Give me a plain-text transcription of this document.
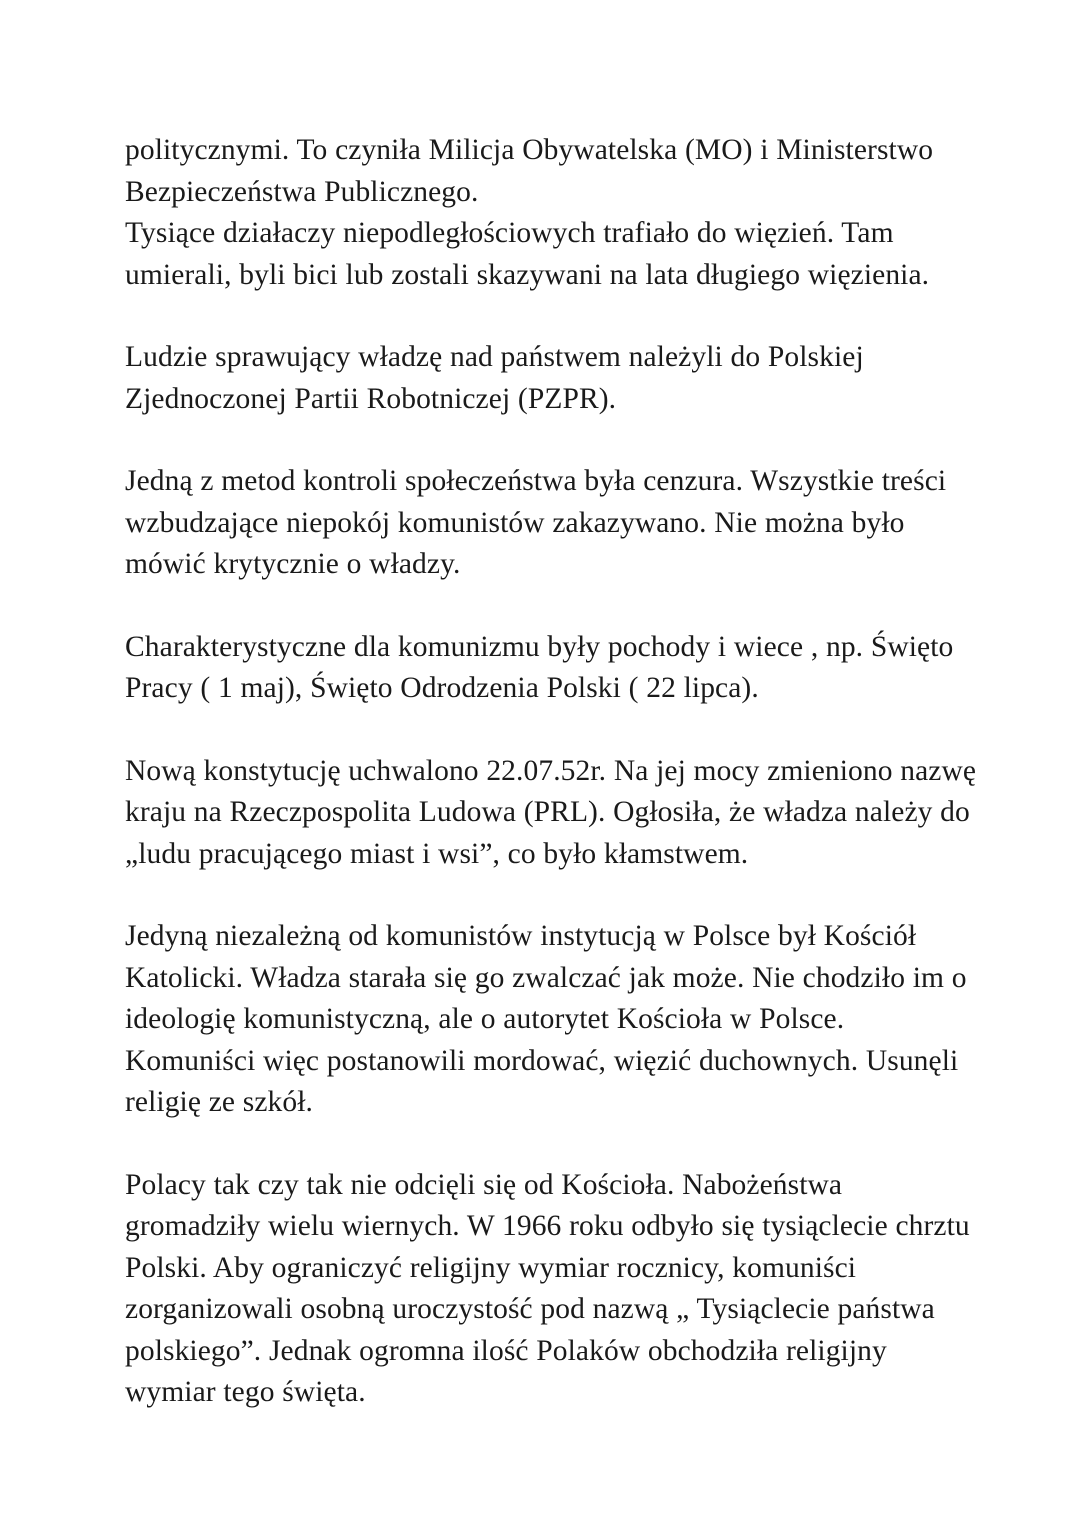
politycznymi. To czyniła Milicja Obywatelska (MO) i Ministerstwo Bezpieczeństwa Publicznego.
Tysiące działaczy niepodległościowych trafiało do więzień. Tam umierali, byli bici lub zostali skazywani na lata długiego więzienia.

Ludzie sprawujący władzę nad państwem należyli do Polskiej Zjednoczonej Partii Robotniczej (PZPR).

Jedną z metod kontroli społeczeństwa była cenzura. Wszystkie treści wzbudzające niepokój komunistów zakazywano. Nie można było mówić krytycznie o władzy.

Charakterystyczne dla komunizmu były pochody i wiece , np. Święto Pracy ( 1 maj), Święto Odrodzenia Polski ( 22 lipca).

Nową konstytucję uchwalono 22.07.52r. Na jej mocy zmieniono nazwę kraju na Rzeczpospolita Ludowa (PRL). Ogłosiła, że władza należy do „ludu pracującego miast i wsi”, co było kłamstwem.

Jedyną niezależną od komunistów instytucją w Polsce był Kościół Katolicki. Władza starała się go zwalczać jak może. Nie chodziło im o ideologię komunistyczną, ale o autorytet Kościoła w Polsce. Komuniści więc postanowili mordować, więzić duchownych. Usunęli religię ze szkół.

Polacy tak czy tak nie odcięli się od Kościoła. Nabożeństwa gromadziły wielu wiernych. W 1966 roku odbyło się tysiąclecie chrztu Polski. Aby ograniczyć religijny wymiar rocznicy, komuniści zorganizowali osobną uroczystość pod nazwą „ Tysiąclecie państwa polskiego”. Jednak ogromna ilość Polaków obchodziła religijny wymiar tego święta.
